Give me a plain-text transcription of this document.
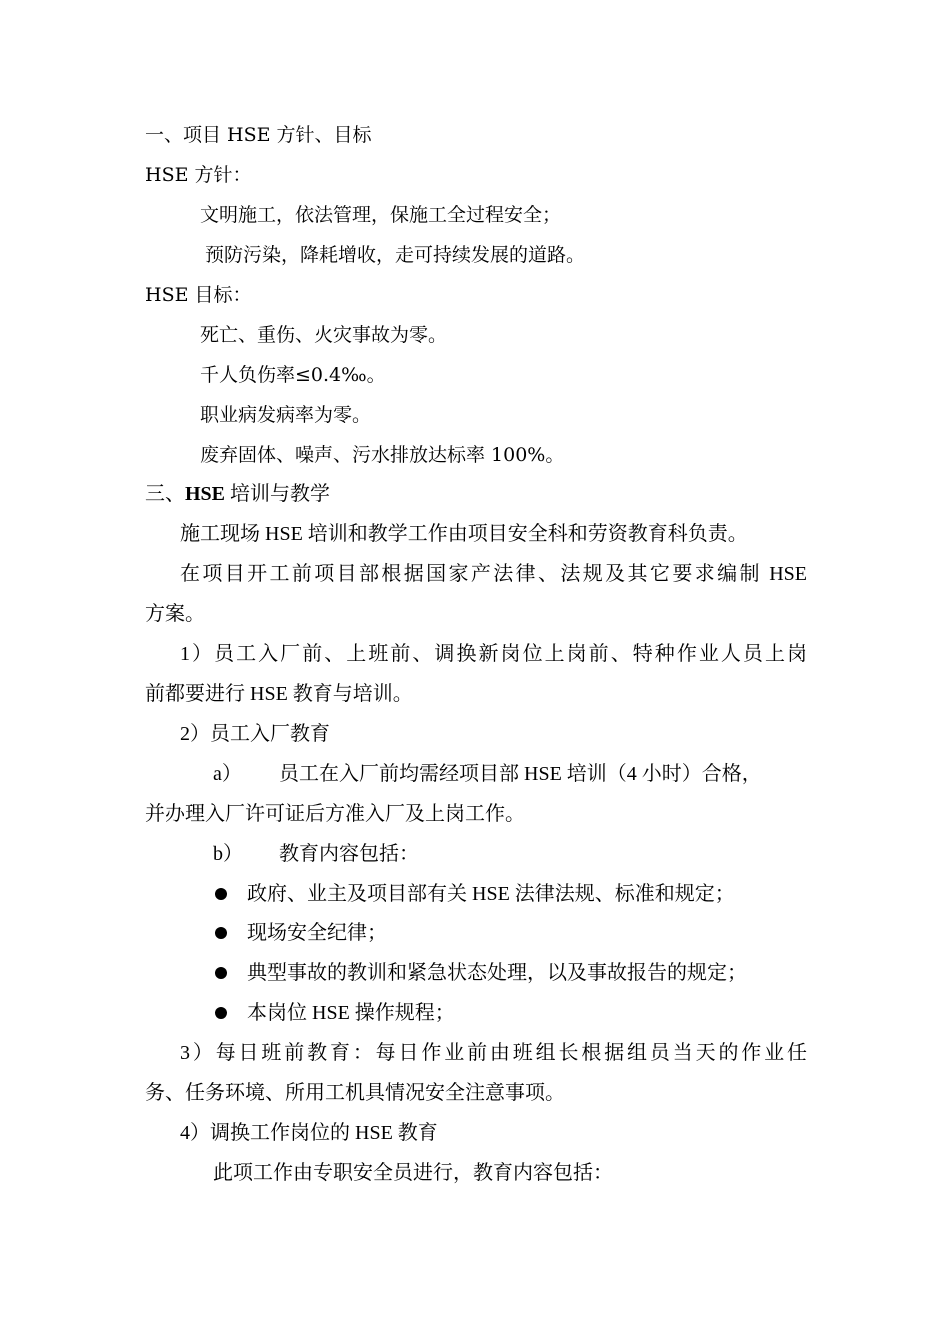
一、项目 HSE 方针、目标
HSE 方针：
文明施工，依法管理，保施工全过程安全；
预防污染，降耗增收，走可持续发展的道路。
HSE 目标：
死亡、重伤、火灾事故为零。
千人负伤率≤0.4‰。
职业病发病率为零。
废弃固体、噪声、污水排放达标率 100%。
三、HSE 培训与教学
施工现场 HSE 培训和教学工作由项目安全科和劳资教育科负责。
在项目开工前项目部根据国家产法律、法规及其它要求编制 HSE
方案。
1）员工入厂前、上班前、调换新岗位上岗前、特种作业人员上岗
前都要进行 HSE 教育与培训。
2）员工入厂教育
a） 员工在入厂前均需经项目部 HSE 培训（4 小时）合格，
并办理入厂许可证后方准入厂及上岗工作。
b） 教育内容包括：
政府、业主及项目部有关 HSE 法律法规、标准和规定；
现场安全纪律；
典型事故的教训和紧急状态处理，以及事故报告的规定；
本岗位 HSE 操作规程；
3）每日班前教育：每日作业前由班组长根据组员当天的作业任
务、任务环境、所用工机具情况安全注意事项。
4）调换工作岗位的 HSE 教育
此项工作由专职安全员进行，教育内容包括：
